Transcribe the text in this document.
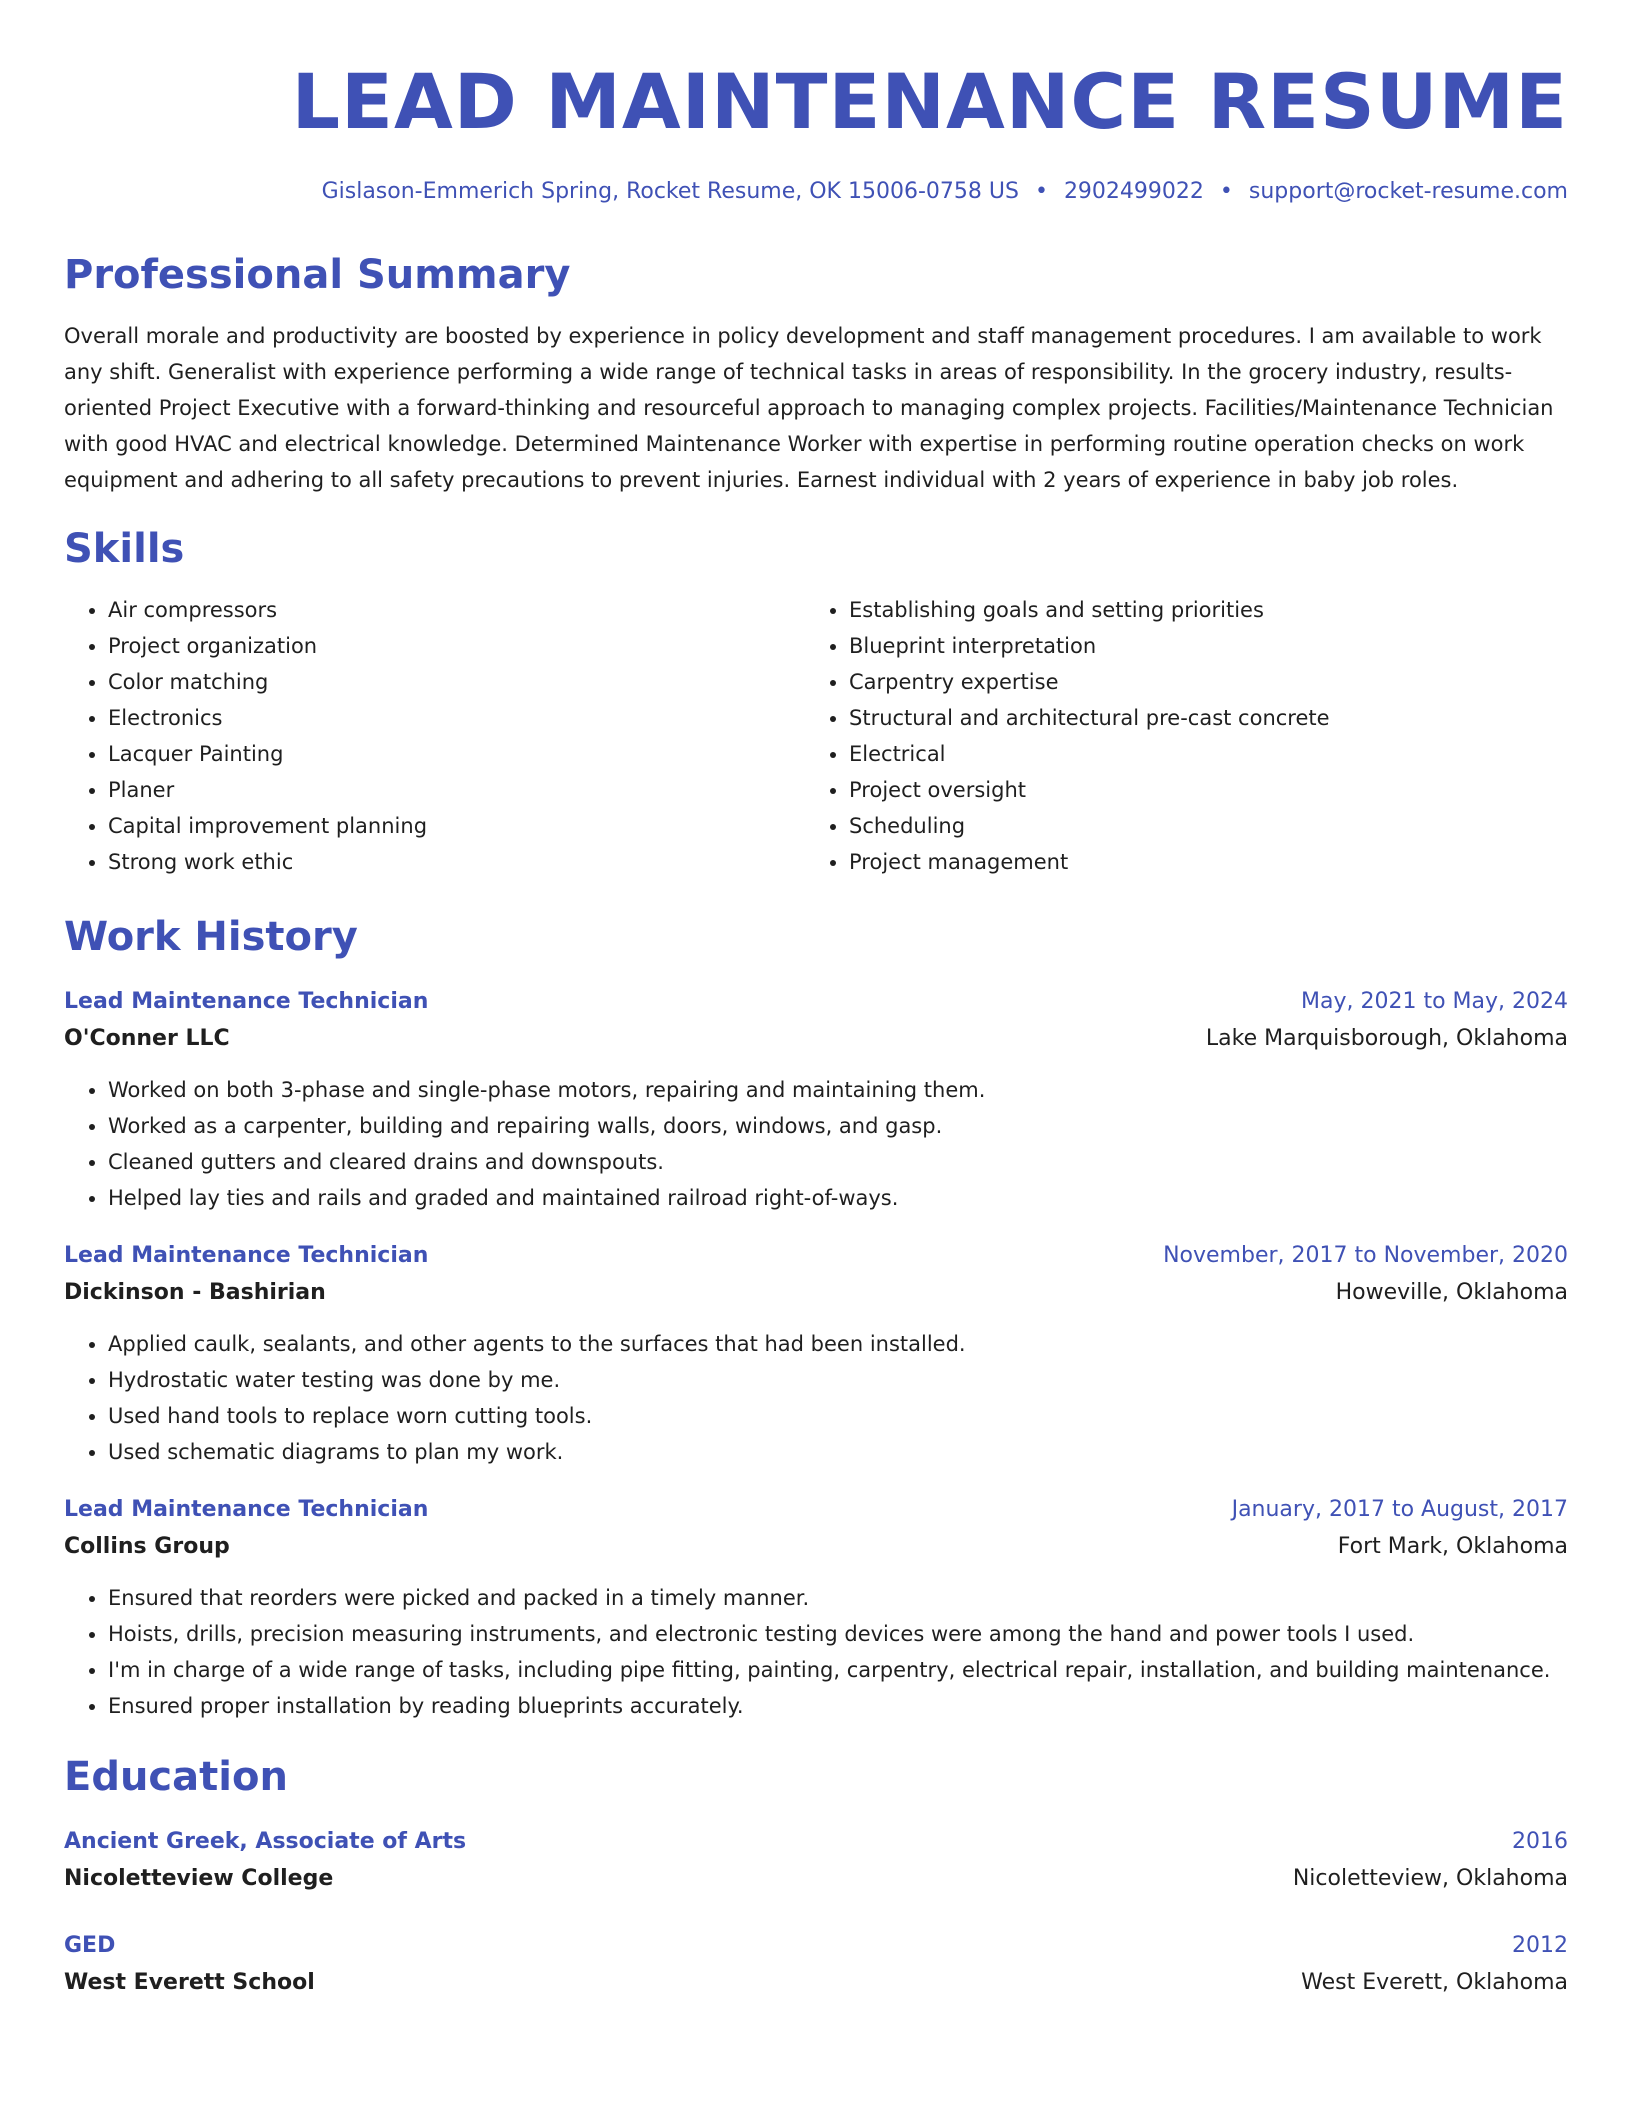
LEAD MAINTENANCE RESUME
Gislason-Emmerich Spring, Rocket Resume, OK 15006-0758 US • 2902499022 • support@rocket-resume.com
Professional Summary
Overall morale and productivity are boosted by experience in policy development and staff management procedures. I am available to work any shift. Generalist with experience performing a wide range of technical tasks in areas of responsibility. In the grocery industry, results-oriented Project Executive with a forward-thinking and resourceful approach to managing complex projects. Facilities/Maintenance Technician with good HVAC and electrical knowledge. Determined Maintenance Worker with expertise in performing routine operation checks on work equipment and adhering to all safety precautions to prevent injuries. Earnest individual with 2 years of experience in baby job roles.
Skills
• Air compressors
• Project organization
• Color matching
• Electronics
• Lacquer Painting
• Planer
• Capital improvement planning
• Strong work ethic
• Establishing goals and setting priorities
• Blueprint interpretation
• Carpentry expertise
• Structural and architectural pre-cast concrete
• Electrical
• Project oversight
• Scheduling
• Project management
Work History
Lead Maintenance Technician	May, 2021 to May, 2024
O'Conner LLC	Lake Marquisborough, Oklahoma
• Worked on both 3-phase and single-phase motors, repairing and maintaining them.
• Worked as a carpenter, building and repairing walls, doors, windows, and gasp.
• Cleaned gutters and cleared drains and downspouts.
• Helped lay ties and rails and graded and maintained railroad right-of-ways.
Lead Maintenance Technician	November, 2017 to November, 2020
Dickinson - Bashirian	Howeville, Oklahoma
• Applied caulk, sealants, and other agents to the surfaces that had been installed.
• Hydrostatic water testing was done by me.
• Used hand tools to replace worn cutting tools.
• Used schematic diagrams to plan my work.
Lead Maintenance Technician	January, 2017 to August, 2017
Collins Group	Fort Mark, Oklahoma
• Ensured that reorders were picked and packed in a timely manner.
• Hoists, drills, precision measuring instruments, and electronic testing devices were among the hand and power tools I used.
• I'm in charge of a wide range of tasks, including pipe fitting, painting, carpentry, electrical repair, installation, and building maintenance.
• Ensured proper installation by reading blueprints accurately.
Education
Ancient Greek, Associate of Arts	2016
Nicoletteview College	Nicoletteview, Oklahoma
GED	2012
West Everett School	West Everett, Oklahoma
